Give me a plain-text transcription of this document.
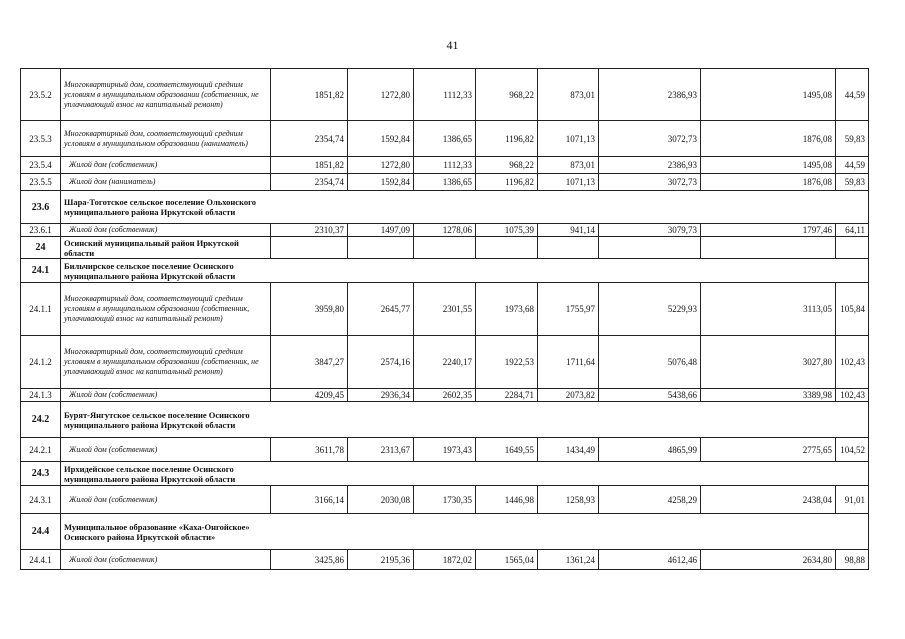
41
23.5.2	Многоквартирный дом, соответствующий средним условиям в муниципальном образовании (собственник, не уплачивающий взнос на капитальный ремонт)	1851,82	1272,80	1112,33	968,22	873,01	2386,93	1495,08	44,59
23.5.3	Многоквартирный дом, соответствующий средним условиям в муниципальном образовании (наниматель)	2354,74	1592,84	1386,65	1196,82	1071,13	3072,73	1876,08	59,83
23.5.4	Жилой дом (собственник)	1851,82	1272,80	1112,33	968,22	873,01	2386,93	1495,08	44,59
23.5.5	Жилой дом (наниматель)	2354,74	1592,84	1386,65	1196,82	1071,13	3072,73	1876,08	59,83
23.6	Шара-Тоготское сельское поселение Ольхонского муниципального района Иркутской области								
23.6.1	Жилой дом (собственник)	2310,37	1497,09	1278,06	1075,39	941,14	3079,73	1797,46	64,11
24	Осинский муниципальный район Иркутской области								
24.1	Бильчирское сельское поселение Осинского муниципального района Иркутской области								
24.1.1	Многоквартирный дом, соответствующий средним условиям в муниципальном образовании (собственник, уплачивающий взнос на капитальный ремонт)	3959,80	2645,77	2301,55	1973,68	1755,97	5229,93	3113,05	105,84
24.1.2	Многоквартирный дом, соответствующий средним условиям в муниципальном образовании (собственник, не уплачивающий взнос на капитальный ремонт)	3847,27	2574,16	2240,17	1922,53	1711,64	5076,48	3027,80	102,43
24.1.3	Жилой дом (собственник)	4209,45	2936,34	2602,35	2284,71	2073,82	5438,66	3389,98	102,43
24.2	Бурят-Янгутское сельское поселение Осинского муниципального района Иркутской области								
24.2.1	Жилой дом (собственник)	3611,78	2313,67	1973,43	1649,55	1434,49	4865,99	2775,65	104,52
24.3	Ирхидейское сельское поселение Осинского муниципального района Иркутской области								
24.3.1	Жилой дом (собственник)	3166,14	2030,08	1730,35	1446,98	1258,93	4258,29	2438,04	91,01
24.4	Муниципальное образование «Каха-Онгойское» Осинского района Иркутской области»								
24.4.1	Жилой дом (собственник)	3425,86	2195,36	1872,02	1565,04	1361,24	4612,46	2634,80	98,88
